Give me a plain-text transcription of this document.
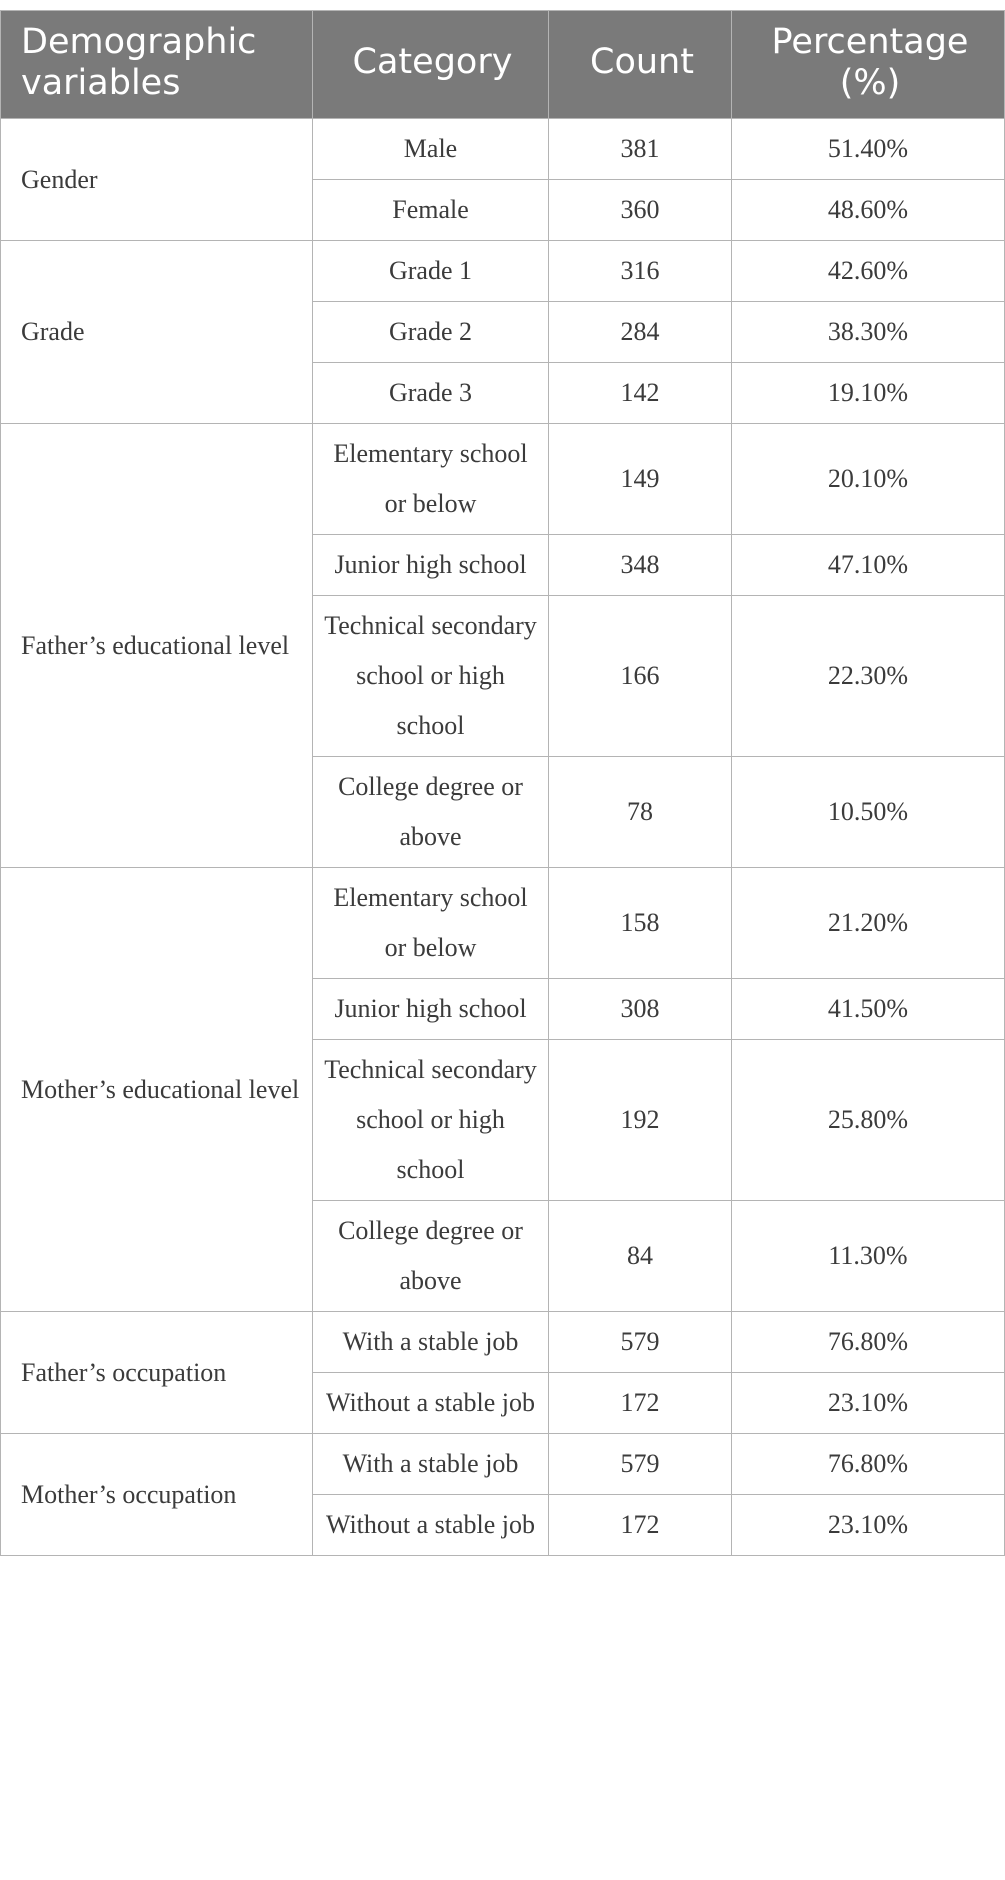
Demographic variables	Category	Count	Percentage (%)
Gender	Male	381	51.40%
	Female	360	48.60%
Grade	Grade 1	316	42.60%
	Grade 2	284	38.30%
	Grade 3	142	19.10%
Father’s educational level	Elementary school or below	149	20.10%
	Junior high school	348	47.10%
	Technical secondary school or high school	166	22.30%
	College degree or above	78	10.50%
Mother’s educational level	Elementary school or below	158	21.20%
	Junior high school	308	41.50%
	Technical secondary school or high school	192	25.80%
	College degree or above	84	11.30%
Father’s occupation	With a stable job	579	76.80%
	Without a stable job	172	23.10%
Mother’s occupation	With a stable job	579	76.80%
	Without a stable job	172	23.10%
